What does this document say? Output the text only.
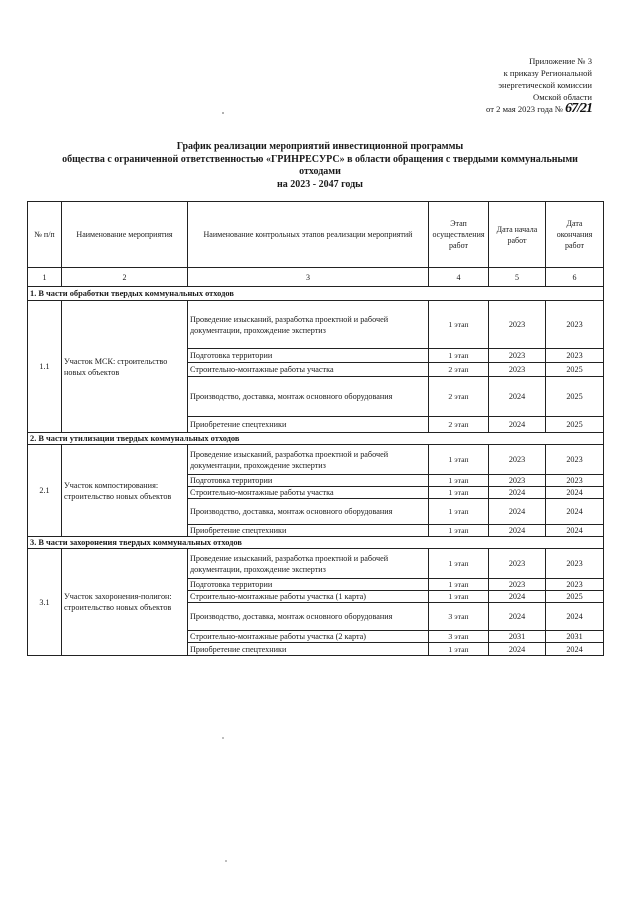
Приложение № 3
к приказу Региональной
энергетической комиссии
Омской области
от 2 мая 2023 года № 67/21
График реализации мероприятий инвестиционной программы
общества с ограниченной ответственностью «ГРИНРЕСУРС» в области обращения с твердыми коммунальными
отходами
на 2023 - 2047 годы
№ п/п	Наименование мероприятия	Наименование контрольных этапов реализации мероприятий	Этап осуществления работ	Дата начала работ	Дата окончания работ
1	2	3	4	5	6
1. В части обработки твердых коммунальных отходов					
1.1	Участок МСК: строительство новых объектов	Проведение изысканий, разработка проектной и рабочей документации, прохождение экспертиз	1 этап	2023	2023
		Подготовка территории	1 этап	2023	2023
		Строительно-монтажные работы участка	2 этап	2023	2025
		Производство, доставка, монтаж основного оборудования	2 этап	2024	2025
		Приобретение спецтехники	2 этап	2024	2025
2. В части утилизации твердых коммунальных отходов					
2.1	Участок компостирования: строительство новых объектов	Проведение изысканий, разработка проектной и рабочей документации, прохождение экспертиз	1 этап	2023	2023
		Подготовка территории	1 этап	2023	2023
		Строительно-монтажные работы участка	1 этап	2024	2024
		Производство, доставка, монтаж основного оборудования	1 этап	2024	2024
		Приобретение спецтехники	1 этап	2024	2024
3. В части захоронения твердых коммунальных отходов					
3.1	Участок захоронения-полигон: строительство новых объектов	Проведение изысканий, разработка проектной и рабочей документации, прохождение экспертиз	1 этап	2023	2023
		Подготовка территории	1 этап	2023	2023
		Строительно-монтажные работы участка (1 карта)	1 этап	2024	2025
		Производство, доставка, монтаж основного оборудования	3 этап	2024	2024
		Строительно-монтажные работы участка (2 карта)	3 этап	2031	2031
		Приобретение спецтехники	1 этап	2024	2024
